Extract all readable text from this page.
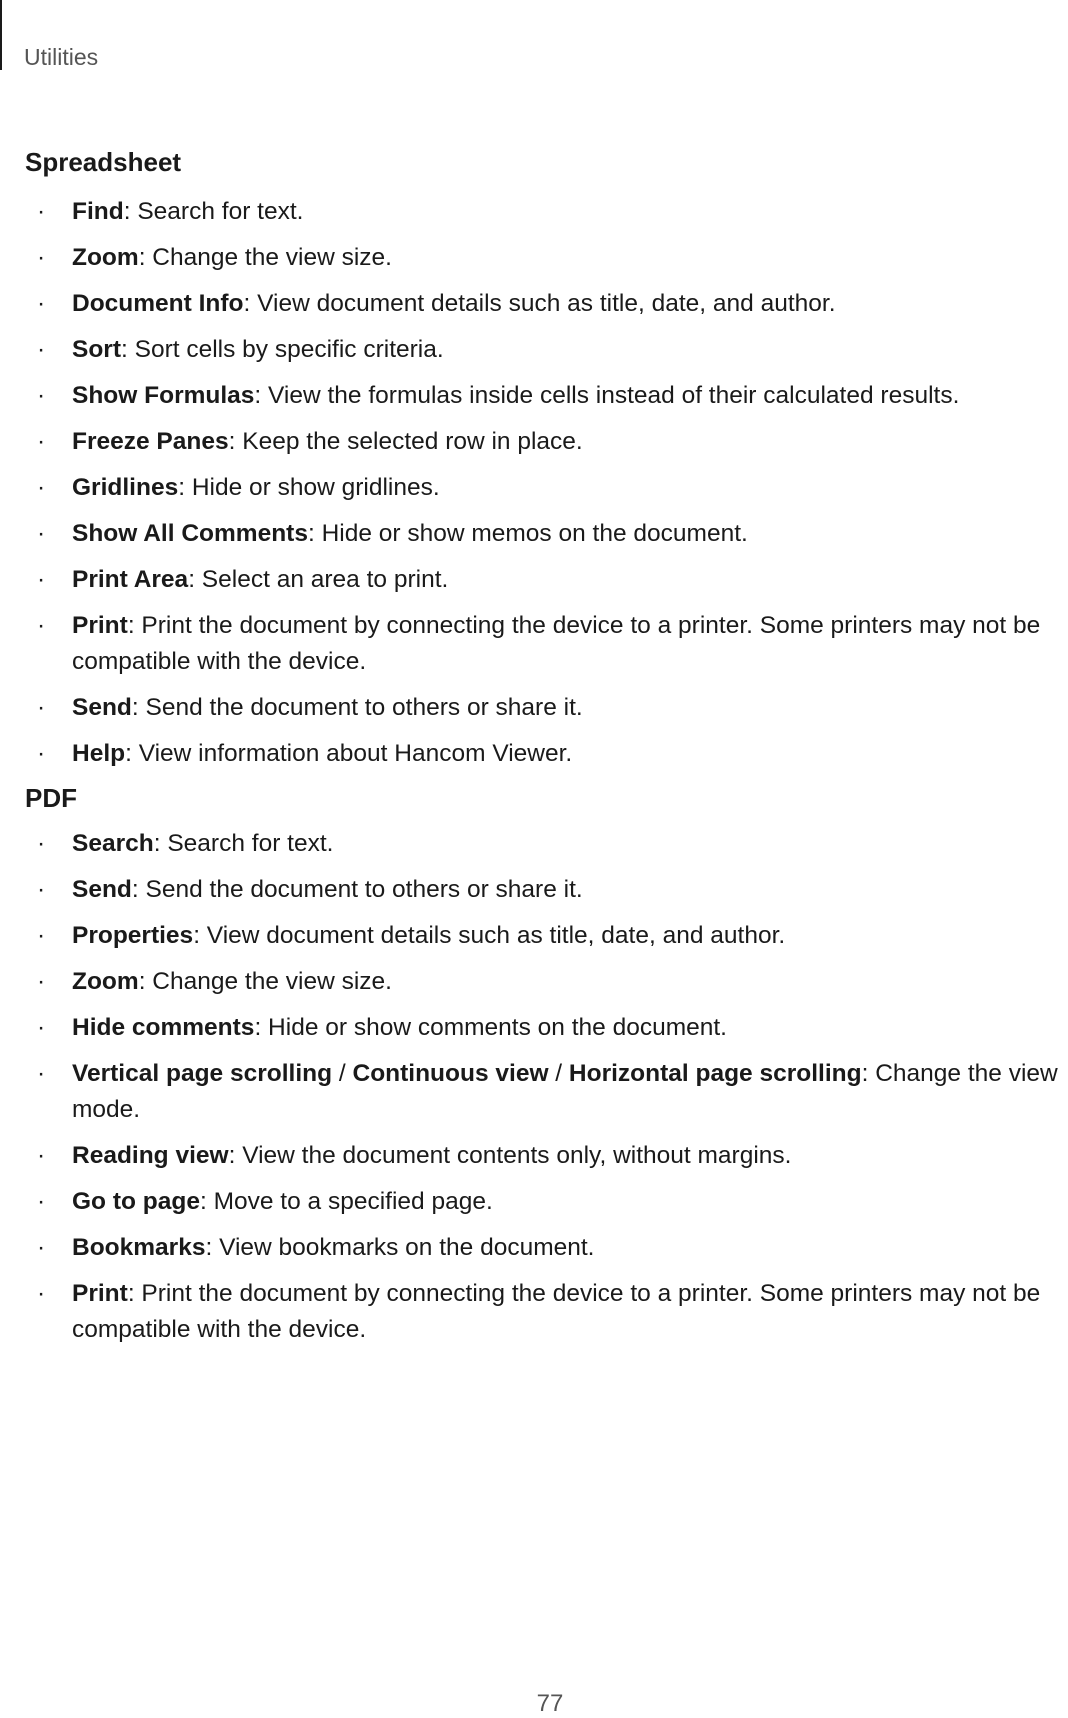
Utilities
Spreadsheet
· Find: Search for text.
· Zoom: Change the view size.
· Document Info: View document details such as title, date, and author.
· Sort: Sort cells by specific criteria.
· Show Formulas: View the formulas inside cells instead of their calculated results.
· Freeze Panes: Keep the selected row in place.
· Gridlines: Hide or show gridlines.
· Show All Comments: Hide or show memos on the document.
· Print Area: Select an area to print.
· Print: Print the document by connecting the device to a printer. Some printers may not be compatible with the device.
· Send: Send the document to others or share it.
· Help: View information about Hancom Viewer.
PDF
· Search: Search for text.
· Send: Send the document to others or share it.
· Properties: View document details such as title, date, and author.
· Zoom: Change the view size.
· Hide comments: Hide or show comments on the document.
· Vertical page scrolling / Continuous view / Horizontal page scrolling: Change the view mode.
· Reading view: View the document contents only, without margins.
· Go to page: Move to a specified page.
· Bookmarks: View bookmarks on the document.
· Print: Print the document by connecting the device to a printer. Some printers may not be compatible with the device.
77
